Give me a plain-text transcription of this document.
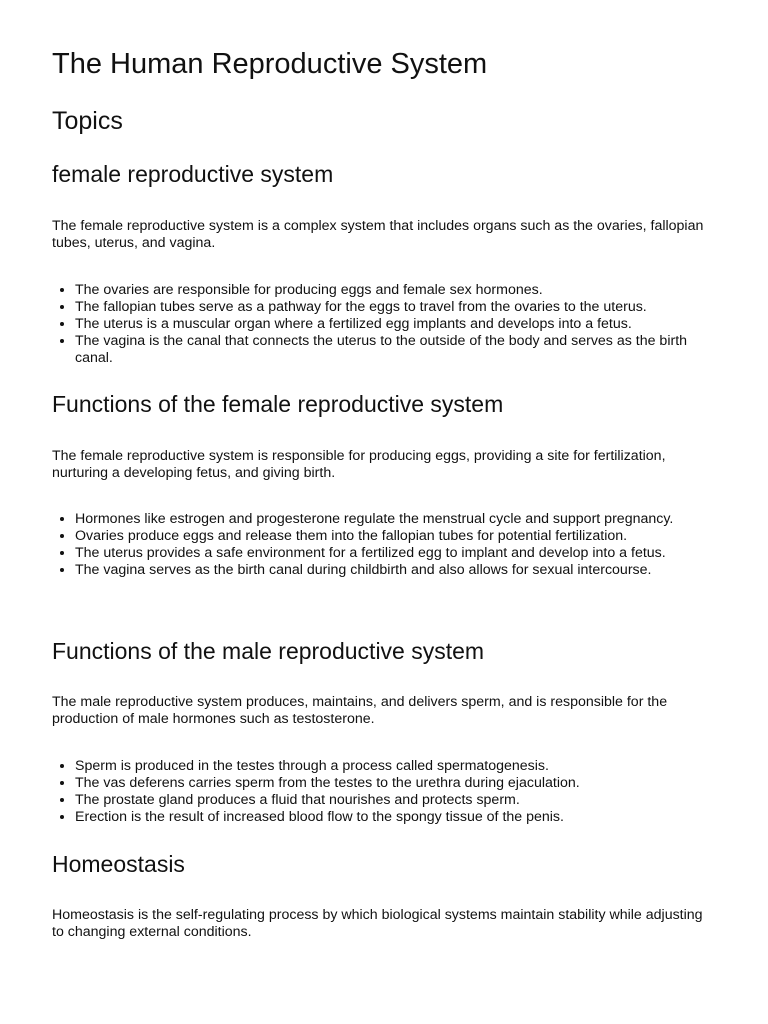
The Human Reproductive System
Topics
female reproductive system

The female reproductive system is a complex system that includes organs such as the ovaries, fallopian tubes, uterus, and vagina.

• The ovaries are responsible for producing eggs and female sex hormones.
• The fallopian tubes serve as a pathway for the eggs to travel from the ovaries to the uterus.
• The uterus is a muscular organ where a fertilized egg implants and develops into a fetus.
• The vagina is the canal that connects the uterus to the outside of the body and serves as the birth canal.
Functions of the female reproductive system

The female reproductive system is responsible for producing eggs, providing a site for fertilization, nurturing a developing fetus, and giving birth.

• Hormones like estrogen and progesterone regulate the menstrual cycle and support pregnancy.
• Ovaries produce eggs and release them into the fallopian tubes for potential fertilization.
• The uterus provides a safe environment for a fertilized egg to implant and develop into a fetus.
• The vagina serves as the birth canal during childbirth and also allows for sexual intercourse.
Functions of the male reproductive system

The male reproductive system produces, maintains, and delivers sperm, and is responsible for the production of male hormones such as testosterone.

• Sperm is produced in the testes through a process called spermatogenesis.
• The vas deferens carries sperm from the testes to the urethra during ejaculation.
• The prostate gland produces a fluid that nourishes and protects sperm.
• Erection is the result of increased blood flow to the spongy tissue of the penis.
Homeostasis

Homeostasis is the self-regulating process by which biological systems maintain stability while adjusting to changing external conditions.
